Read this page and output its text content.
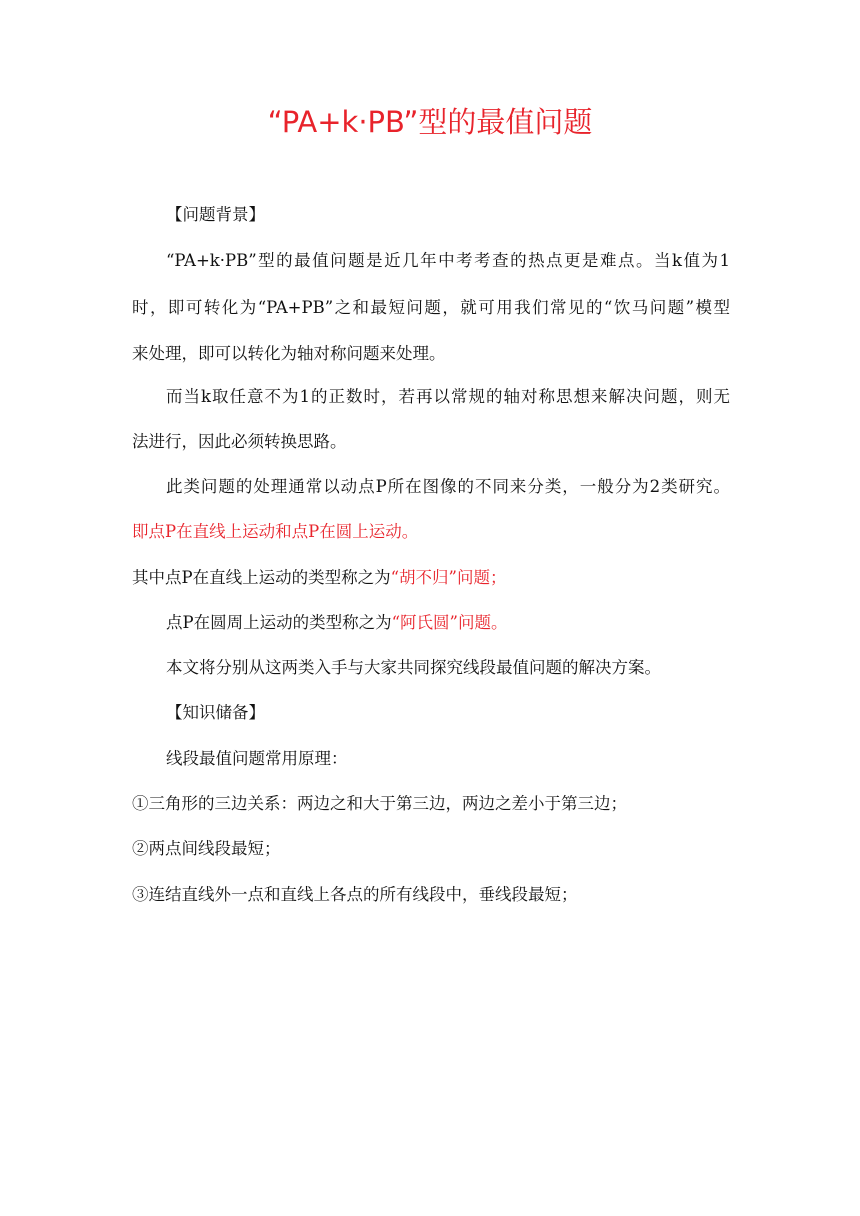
“PA+k·PB”型的最值问题
【问题背景】
“PA+k·PB”型的最值问题是近几年中考考查的热点更是难点。当k值为1
时，即可转化为“PA+PB”之和最短问题，就可用我们常见的“饮马问题”模型
来处理，即可以转化为轴对称问题来处理。
而当k取任意不为1的正数时，若再以常规的轴对称思想来解决问题，则无
法进行，因此必须转换思路。
此类问题的处理通常以动点P所在图像的不同来分类，一般分为2类研究。
即点P在直线上运动和点P在圆上运动。
其中点P在直线上运动的类型称之为“胡不归”问题；
点P在圆周上运动的类型称之为“阿氏圆”问题。
本文将分别从这两类入手与大家共同探究线段最值问题的解决方案。
【知识储备】
线段最值问题常用原理：
①三角形的三边关系：两边之和大于第三边，两边之差小于第三边；
②两点间线段最短；
③连结直线外一点和直线上各点的所有线段中，垂线段最短；
